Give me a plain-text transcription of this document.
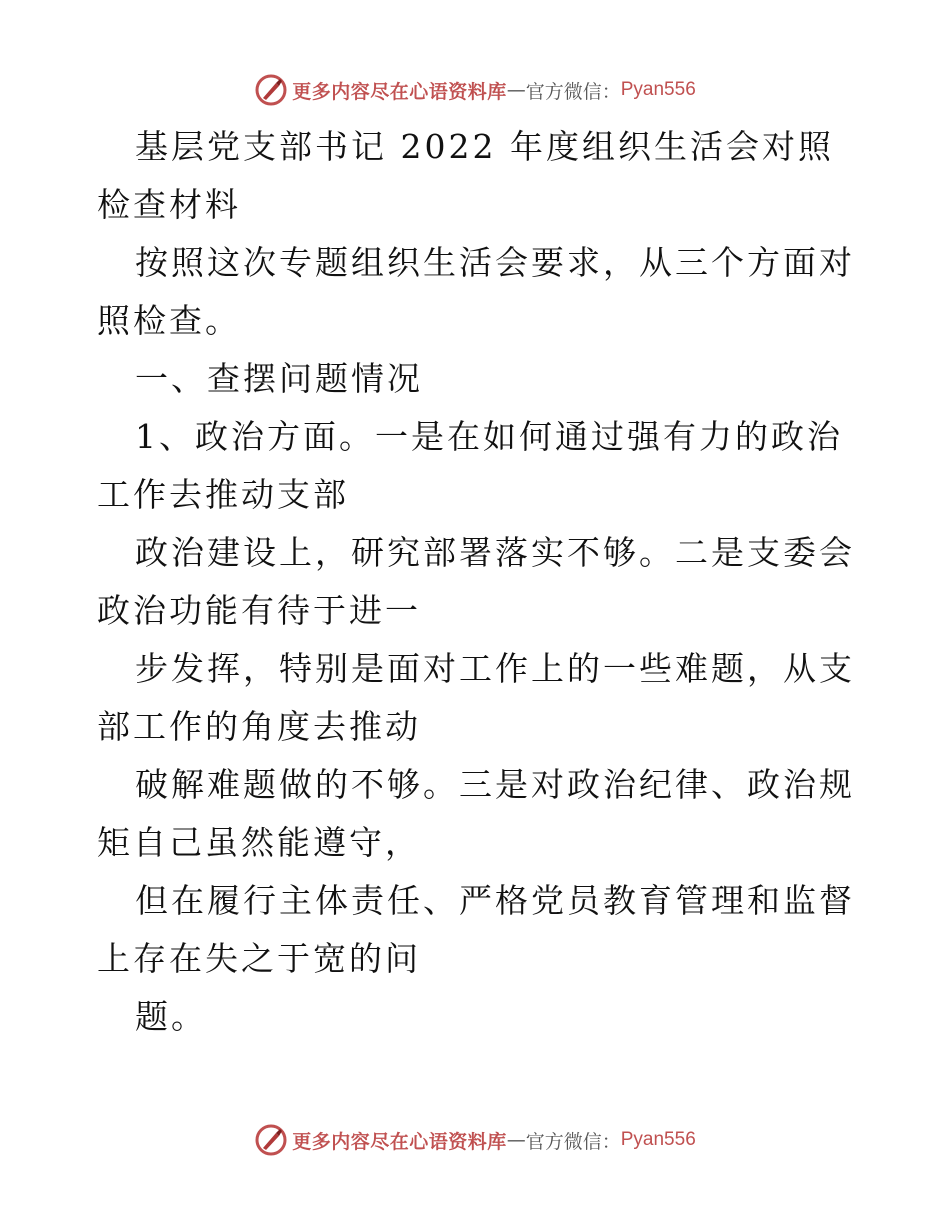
更多内容尽在心语资料库 — 官方微信： Pyan556

基层党支部书记 2022 年度组织生活会对照检查材料

按照这次专题组织生活会要求，从三个方面对照检查。

一、查摆问题情况

1、政治方面。一是在如何通过强有力的政治工作去推动支部

政治建设上，研究部署落实不够。二是支委会政治功能有待于进一

步发挥，特别是面对工作上的一些难题，从支部工作的角度去推动

破解难题做的不够。三是对政治纪律、政治规矩自己虽然能遵守，

但在履行主体责任、严格党员教育管理和监督上存在失之于宽的问

题。

更多内容尽在心语资料库 — 官方微信： Pyan556
